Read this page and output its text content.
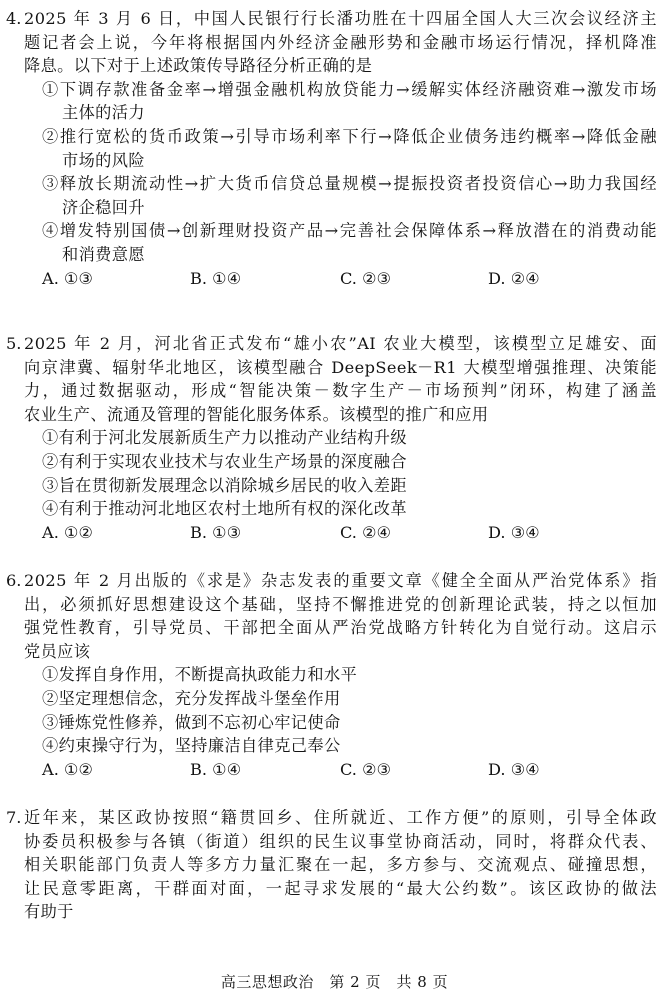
4. 2025 年 3 月 6 日，中国人民银行行长潘功胜在十四届全国人大三次会议经济主
题记者会上说，今年将根据国内外经济金融形势和金融市场运行情况，择机降准
降息。以下对于上述政策传导路径分析正确的是
①下调存款准备金率→增强金融机构放贷能力→缓解实体经济融资难→激发市场
主体的活力
②推行宽松的货币政策→引导市场利率下行→降低企业债务违约概率→降低金融
市场的风险
③释放长期流动性→扩大货币信贷总量规模→提振投资者投资信心→助力我国经
济企稳回升
④增发特别国债→创新理财投资产品→完善社会保障体系→释放潜在的消费动能
和消费意愿
A. ①③	B. ①④	C. ②③	D. ②④
5. 2025 年 2 月，河北省正式发布“雄小农”AI 农业大模型，该模型立足雄安、面
向京津冀、辐射华北地区，该模型融合 DeepSeek－R1 大模型增强推理、决策能
力，通过数据驱动，形成“智能决策－数字生产－市场预判”闭环，构建了涵盖
农业生产、流通及管理的智能化服务体系。该模型的推广和应用
①有利于河北发展新质生产力以推动产业结构升级
②有利于实现农业技术与农业生产场景的深度融合
③旨在贯彻新发展理念以消除城乡居民的收入差距
④有利于推动河北地区农村土地所有权的深化改革
A. ①②	B. ①③	C. ②④	D. ③④
6. 2025 年 2 月出版的《求是》杂志发表的重要文章《健全全面从严治党体系》指
出，必须抓好思想建设这个基础，坚持不懈推进党的创新理论武装，持之以恒加
强党性教育，引导党员、干部把全面从严治党战略方针转化为自觉行动。这启示
党员应该
①发挥自身作用，不断提高执政能力和水平
②坚定理想信念，充分发挥战斗堡垒作用
③锤炼党性修养，做到不忘初心牢记使命
④约束操守行为，坚持廉洁自律克己奉公
A. ①②	B. ①④	C. ②③	D. ③④
7. 近年来，某区政协按照“籍贯回乡、住所就近、工作方便”的原则，引导全体政
协委员积极参与各镇（街道）组织的民生议事堂协商活动，同时，将群众代表、
相关职能部门负责人等多方力量汇聚在一起，多方参与、交流观点、碰撞思想，
让民意零距离，干群面对面，一起寻求发展的“最大公约数”。该区政协的做法
有助于
高三思想政治　第 2 页　共 8 页
